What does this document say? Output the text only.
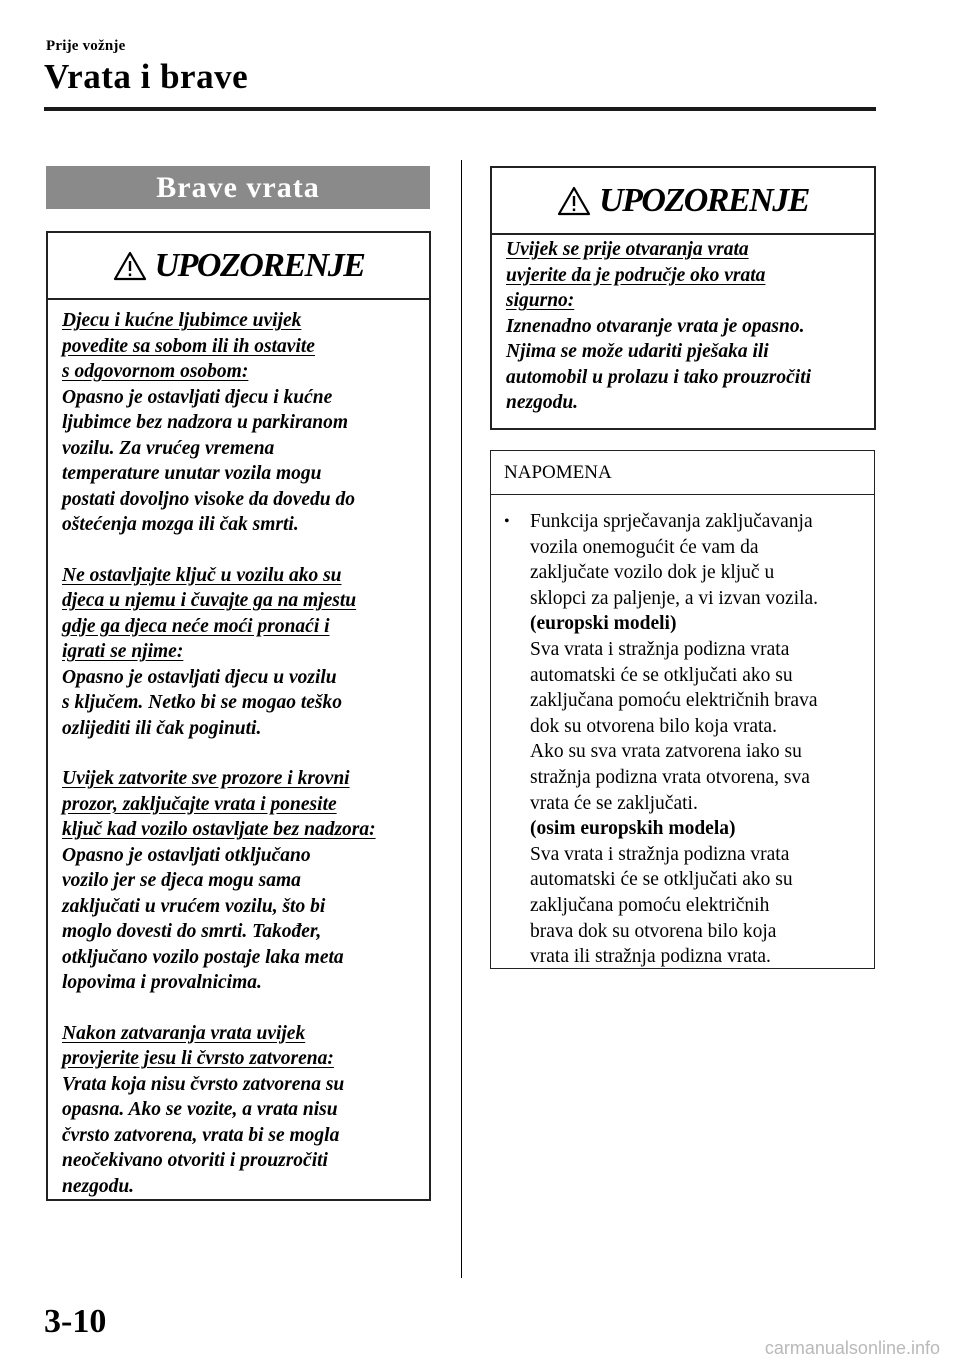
Prije vožnje
Vrata i brave
Brave vrata
UPOZORENJE

Djecu i kućne ljubimce uvijek

povedite sa sobom ili ih ostavite

s odgovornom osobom:

Opasno je ostavljati djecu i kućne

ljubimce bez nadzora u parkiranom

vozilu. Za vrućeg vremena

temperature unutar vozila mogu

postati dovoljno visoke da dovedu do

oštećenja mozga ili čak smrti.

Ne ostavljajte ključ u vozilu ako su

djeca u njemu i čuvajte ga na mjestu

gdje ga djeca neće moći pronaći i

igrati se njime:

Opasno je ostavljati djecu u vozilu

s ključem. Netko bi se mogao teško

ozlijediti ili čak poginuti.

Uvijek zatvorite sve prozore i krovni

prozor, zaključajte vrata i ponesite

ključ kad vozilo ostavljate bez nadzora:

Opasno je ostavljati otključano

vozilo jer se djeca mogu sama

zaključati u vrućem vozilu, što bi

moglo dovesti do smrti. Također,

otključano vozilo postaje laka meta

lopovima i provalnicima.

Nakon zatvaranja vrata uvijek

provjerite jesu li čvrsto zatvorena:

Vrata koja nisu čvrsto zatvorena su

opasna. Ako se vozite, a vrata nisu

čvrsto zatvorena, vrata bi se mogla

neočekivano otvoriti i prouzročiti

nezgodu.

UPOZORENJE

Uvijek se prije otvaranja vrata

uvjerite da je područje oko vrata

sigurno:

Iznenadno otvaranje vrata je opasno.

Njima se može udariti pješaka ili

automobil u prolazu i tako prouzročiti

nezgodu.

NAPOMENA
•	Funkcija sprječavanja zaključavanja

vozila onemogućit će vam da

zaključate vozilo dok je ključ u

sklopci za paljenje, a vi izvan vozila.

(europski modeli)

Sva vrata i stražnja podizna vrata

automatski će se otključati ako su

zaključana pomoću električnih brava

dok su otvorena bilo koja vrata.

Ako su sva vrata zatvorena iako su

stražnja podizna vrata otvorena, sva

vrata će se zaključati.

(osim europskih modela)

Sva vrata i stražnja podizna vrata

automatski će se otključati ako su

zaključana pomoću električnih

brava dok su otvorena bilo koja

vrata ili stražnja podizna vrata.

3-10
carmanualsonline.info
